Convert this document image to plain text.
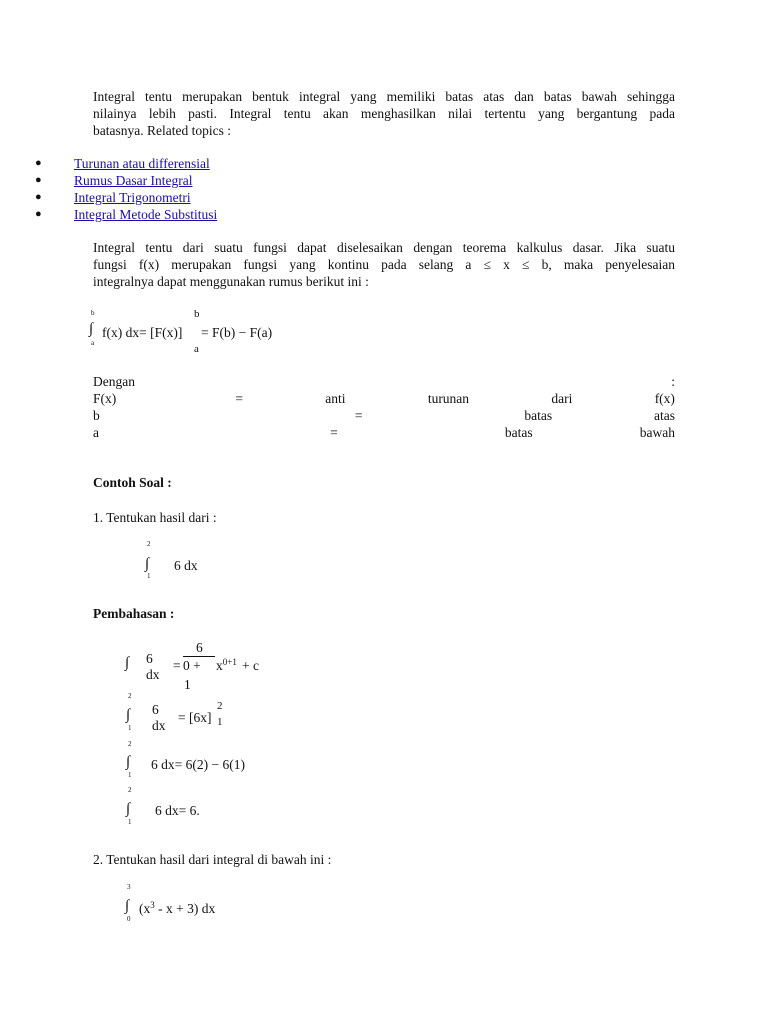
Integral tentu merupakan bentuk integral yang memiliki batas atas dan batas bawah sehingga
nilainya lebih pasti. Integral tentu akan menghasilkan nilai tertentu yang bergantung pada
batasnya. Related topics :
● Turunan atau differensial
● Rumus Dasar Integral
● Integral Trigonometri
● Integral Metode Substitusi
Integral tentu dari suatu fungsi dapat diselesaikan dengan teorema kalkulus dasar. Jika suatu
fungsi f(x) merupakan fungsi yang kontinu pada selang a ≤ x ≤ b, maka penyelesaian
integralnya dapat menggunakan rumus berikut ini :
b
∫
a
f(x) dx= [F(x)]
b
a
= F(b) − F(a)
Dengan	:
F(x)	=	anti	turunan	dari	f(x)
b	=	batas	atas
a	=	batas	bawah
Contoh Soal :
1. Tentukan hasil dari :
2
∫
1
6 dx
Pembahasan :
∫ 6
dx
=
6
0 +
1
$x^{0+1} + c$
2
∫
1
6
dx
= [6x]
2
1
2
∫
1
6 dx= 6(2) − 6(1)
2
∫
1
6 dx= 6.
2. Tentukan hasil dari integral di bawah ini :
3
∫
0
$(x^3 - x + 3)$ dx
